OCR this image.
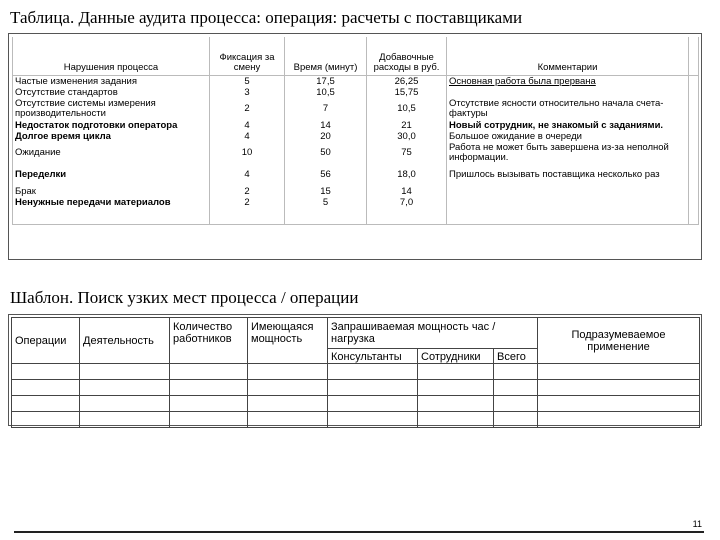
Таблица. Данные аудита процесса: операция: расчеты с поставщиками
Нарушения процесса	Фиксация за смену	Время (минут)	Добавочные расходы в руб.	Комментарии	
Частые изменения задания	5	17,5	26,25	Основная работа была прервана	
Отсутствие стандартов	3	10,5	15,75		
Отсутствие системы измерения производительности	2	7	10,5	Отсутствие ясности относительно начала счета-фактуры	
Недостаток подготовки оператора	4	14	21	Новый сотрудник, не знакомый с заданиями.	
Долгое время цикла	4	20	30,0	Большое ожидание в очереди	
Ожидание	10	50	75	Работа не может быть завершена из-за неполной информации.	
Переделки	4	56	18,0	Пришлось вызывать поставщика несколько раз	
Брак	2	15	14		
Ненужные передачи материалов	2	5	7,0		

Шаблон. Поиск узких мест процесса / операции
Операции	Деятельность	Количество работников	Имеющаяся мощность	Запрашиваемая мощность час / нагрузка			Подразумеваемое применение
				Консультанты	Сотрудники	Всего	

11
